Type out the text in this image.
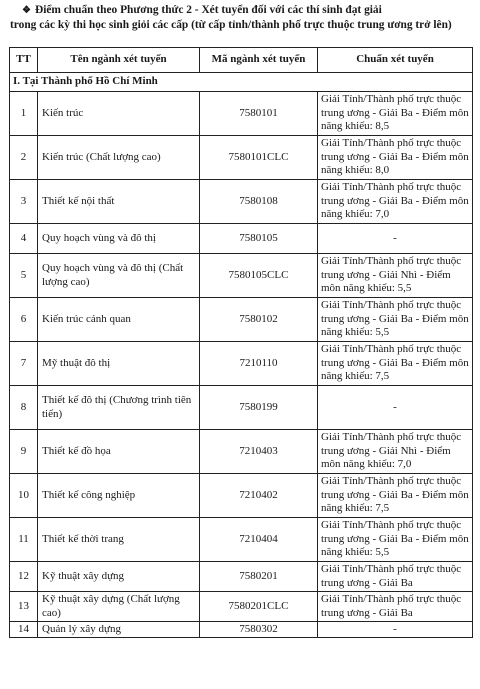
❖ Điểm chuẩn theo Phương thức 2 - Xét tuyển đối với các thí sinh đạt giải
trong các kỳ thi học sinh giỏi các cấp (từ cấp tỉnh/thành phố trực thuộc trung ương trở lên)
TT	Tên ngành xét tuyển	Mã ngành xét tuyển	Chuẩn xét tuyển
I. Tại Thành phố Hồ Chí Minh			
1	Kiến trúc	7580101	Giải Tỉnh/Thành phố trực thuộc trung ương - Giải Ba - Điểm môn năng khiếu: 8,5
2	Kiến trúc (Chất lượng cao)	7580101CLC	Giải Tỉnh/Thành phố trực thuộc trung ương - Giải Ba - Điểm môn năng khiếu: 8,0
3	Thiết kế nội thất	7580108	Giải Tỉnh/Thành phố trực thuộc trung ương - Giải Ba - Điểm môn năng khiếu: 7,0
4	Quy hoạch vùng và đô thị	7580105	-
5	Quy hoạch vùng và đô thị (Chất lượng cao)	7580105CLC	Giải Tỉnh/Thành phố trực thuộc trung ương - Giải Nhì - Điểm môn năng khiếu: 5,5
6	Kiến trúc cảnh quan	7580102	Giải Tỉnh/Thành phố trực thuộc trung ương - Giải Ba - Điểm môn năng khiếu: 5,5
7	Mỹ thuật đô thị	7210110	Giải Tỉnh/Thành phố trực thuộc trung ương - Giải Ba - Điểm môn năng khiếu: 7,5
8	Thiết kế đô thị (Chương trình tiên tiến)	7580199	-
9	Thiết kế đồ họa	7210403	Giải Tỉnh/Thành phố trực thuộc trung ương - Giải Nhì - Điểm môn năng khiếu: 7,0
10	Thiết kế công nghiệp	7210402	Giải Tỉnh/Thành phố trực thuộc trung ương - Giải Ba - Điểm môn năng khiếu: 7,5
11	Thiết kế thời trang	7210404	Giải Tỉnh/Thành phố trực thuộc trung ương - Giải Ba - Điểm môn năng khiếu: 5,5
12	Kỹ thuật xây dựng	7580201	Giải Tỉnh/Thành phố trực thuộc trung ương - Giải Ba
13	Kỹ thuật xây dựng (Chất lượng cao)	7580201CLC	Giải Tỉnh/Thành phố trực thuộc trung ương - Giải Ba
14	Quản lý xây dựng	7580302	-
